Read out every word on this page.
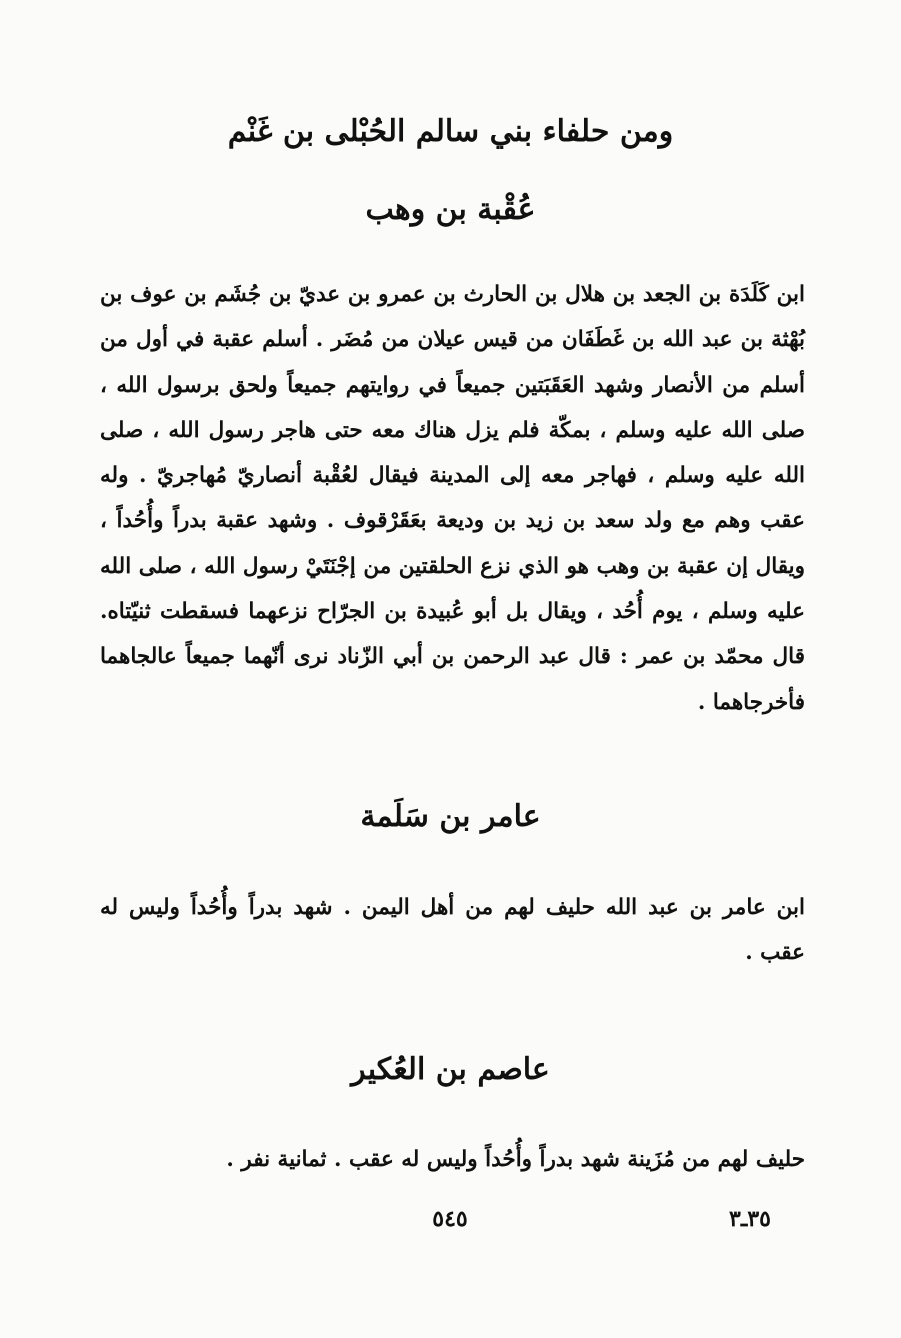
ومن حلفاء بني سالم الحُبْلى بن غَنْم
عُقْبة بن وهب

ابن كَلَدَة بن الجعد بن هلال بن الحارث بن عمرو بن عديّ بن جُشَم بن عوف بن بُهْثة بن عبد الله بن غَطَفَان من قيس عيلان من مُضَر . أسلم عقبة في أول من أسلم من الأنصار وشهد العَقَبَتين جميعاً في روايتهم جميعاً ولحق برسول الله ، صلى الله عليه وسلم ، بمكّة فلم يزل هناك معه حتى هاجر رسول الله ، صلى الله عليه وسلم ، فهاجر معه إلى المدينة فيقال لعُقْبة أنصاريّ مُهاجريّ . وله عقب وهم مع ولد سعد بن زيد بن وديعة بعَقَرْقوف . وشهد عقبة بدراً وأُحُداً ، ويقال إن عقبة بن وهب هو الذي نزع الحلقتين من إجْنَتَيْ رسول الله ، صلى الله عليه وسلم ، يوم أُحُد ، ويقال بل أبو عُبيدة بن الجرّاح نزعهما فسقطت ثنيّتاه. قال محمّد بن عمر : قال عبد الرحمن بن أبي الزّناد نرى أنّهما جميعاً عالجاهما فأخرجاهما .

عامر بن سَلَمة

ابن عامر بن عبد الله حليف لهم من أهل اليمن . شهد بدراً وأُحُداً وليس له عقب .

عاصم بن العُكير

حليف لهم من مُزَينة شهد بدراً وأُحُداً وليس له عقب . ثمانية نفر .

٥٤٥	٣٥ـ٣
